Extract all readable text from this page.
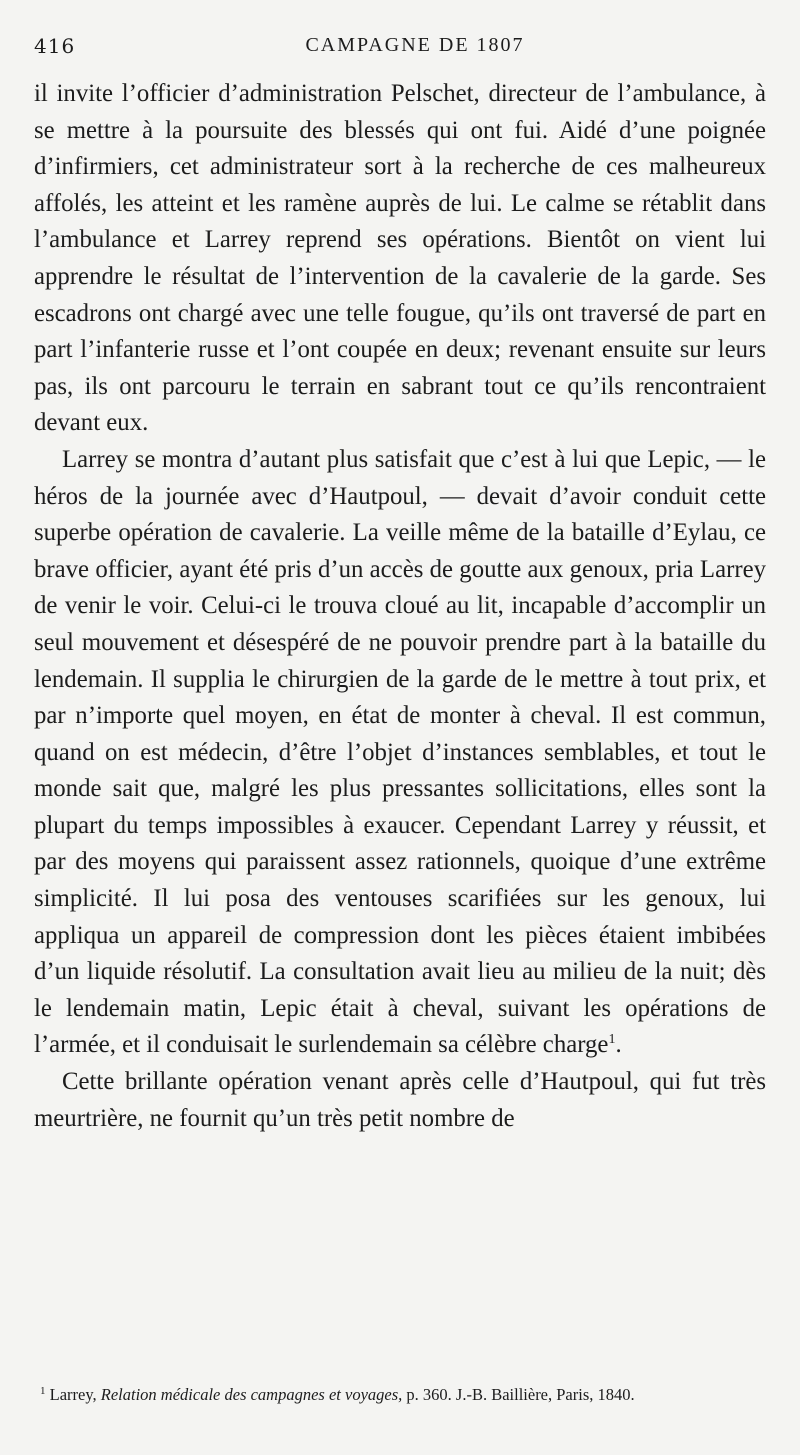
416	CAMPAGNE DE 1807

il invite l’officier d’administration Pelschet, directeur de l’ambulance, à se mettre à la poursuite des blessés qui ont fui. Aidé d’une poignée d’infirmiers, cet administrateur sort à la recherche de ces malheureux affolés, les atteint et les ramène auprès de lui. Le calme se rétablit dans l’ambulance et Larrey reprend ses opérations. Bientôt on vient lui apprendre le résultat de l’intervention de la cavalerie de la garde. Ses escadrons ont chargé avec une telle fougue, qu’ils ont traversé de part en part l’infanterie russe et l’ont coupée en deux; revenant ensuite sur leurs pas, ils ont parcouru le terrain en sabrant tout ce qu’ils rencontraient devant eux.

Larrey se montra d’autant plus satisfait que c’est à lui que Lepic, — le héros de la journée avec d’Hautpoul, — devait d’avoir conduit cette superbe opération de cavalerie. La veille même de la bataille d’Eylau, ce brave officier, ayant été pris d’un accès de goutte aux genoux, pria Larrey de venir le voir. Celui-ci le trouva cloué au lit, incapable d’accomplir un seul mouvement et désespéré de ne pouvoir prendre part à la bataille du lendemain. Il supplia le chirurgien de la garde de le mettre à tout prix, et par n’importe quel moyen, en état de monter à cheval. Il est commun, quand on est médecin, d’être l’objet d’instances semblables, et tout le monde sait que, malgré les plus pressantes sollicitations, elles sont la plupart du temps impossibles à exaucer. Cependant Larrey y réussit, et par des moyens qui paraissent assez rationnels, quoique d’une extrême simplicité. Il lui posa des ventouses scarifiées sur les genoux, lui appliqua un appareil de compression dont les pièces étaient imbibées d’un liquide résolutif. La consultation avait lieu au milieu de la nuit; dès le lendemain matin, Lepic était à cheval, suivant les opérations de l’armée, et il conduisait le surlendemain sa célèbre charge$^1$.

Cette brillante opération venant après celle d’Hautpoul, qui fut très meurtrière, ne fournit qu’un très petit nombre de

$^1$ Larrey, Relation médicale des campagnes et voyages, p. 360. J.-B. Baillière, Paris, 1840.
